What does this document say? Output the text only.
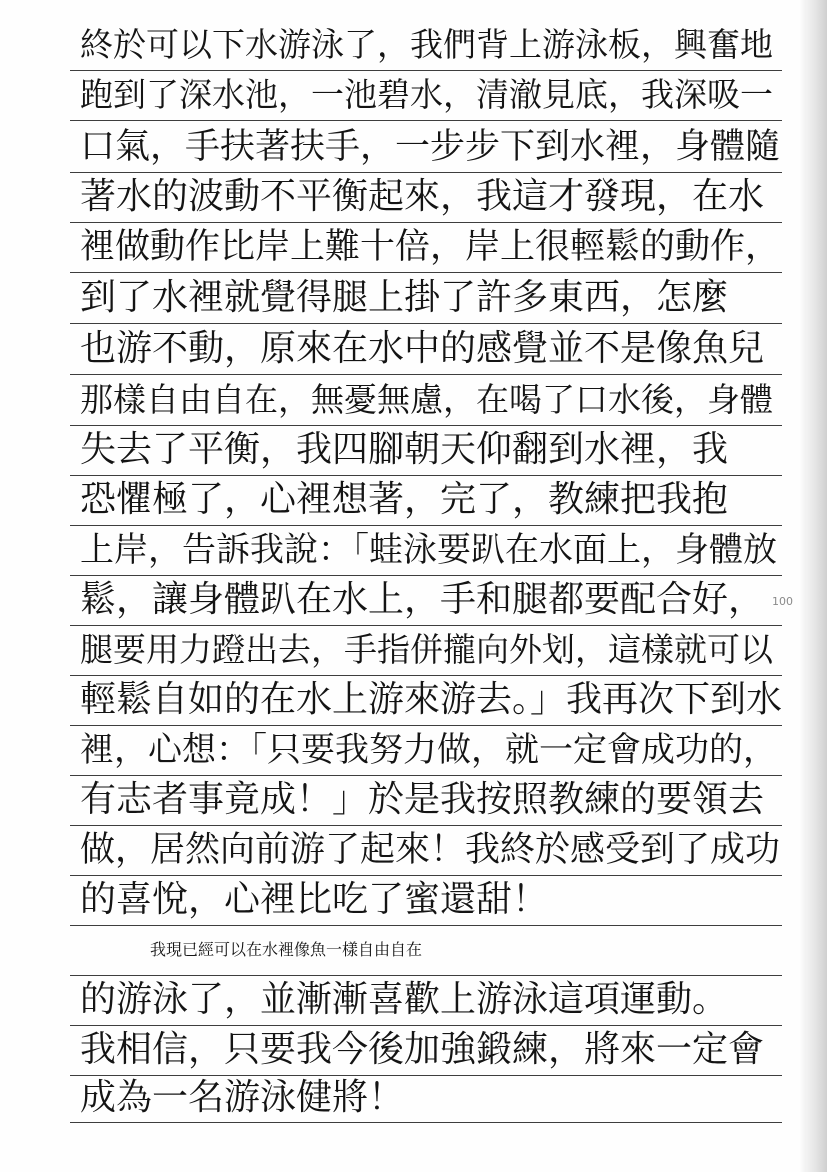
終於可以下水游泳了，我們背上游泳板，興奮地
跑到了深水池，一池碧水，清澈見底，我深吸一
口氣，手扶著扶手，一步步下到水裡，身體隨
著水的波動不平衡起來，我這才發現，在水
裡做動作比岸上難十倍，岸上很輕鬆的動作，
到了水裡就覺得腿上掛了許多東西，怎麼
也游不動，原來在水中的感覺並不是像魚兒
那樣自由自在，無憂無慮，在喝了口水後，身體
失去了平衡，我四腳朝天仰翻到水裡，我
恐懼極了，心裡想著，完了，教練把我抱
上岸，告訴我說：「蛙泳要趴在水面上，身體放
鬆，讓身體趴在水上，手和腿都要配合好，
腿要用力蹬出去，手指併攏向外划，這樣就可以
輕鬆自如的在水上游來游去。」我再次下到水
裡，心想：「只要我努力做，就一定會成功的，
有志者事竟成！」於是我按照教練的要領去
做，居然向前游了起來！我終於感受到了成功
的喜悅，心裡比吃了蜜還甜！
我現已經可以在水裡像魚一樣自由自在
的游泳了，並漸漸喜歡上游泳這項運動。
我相信，只要我今後加強鍛練，將來一定會
成為一名游泳健將！
100
